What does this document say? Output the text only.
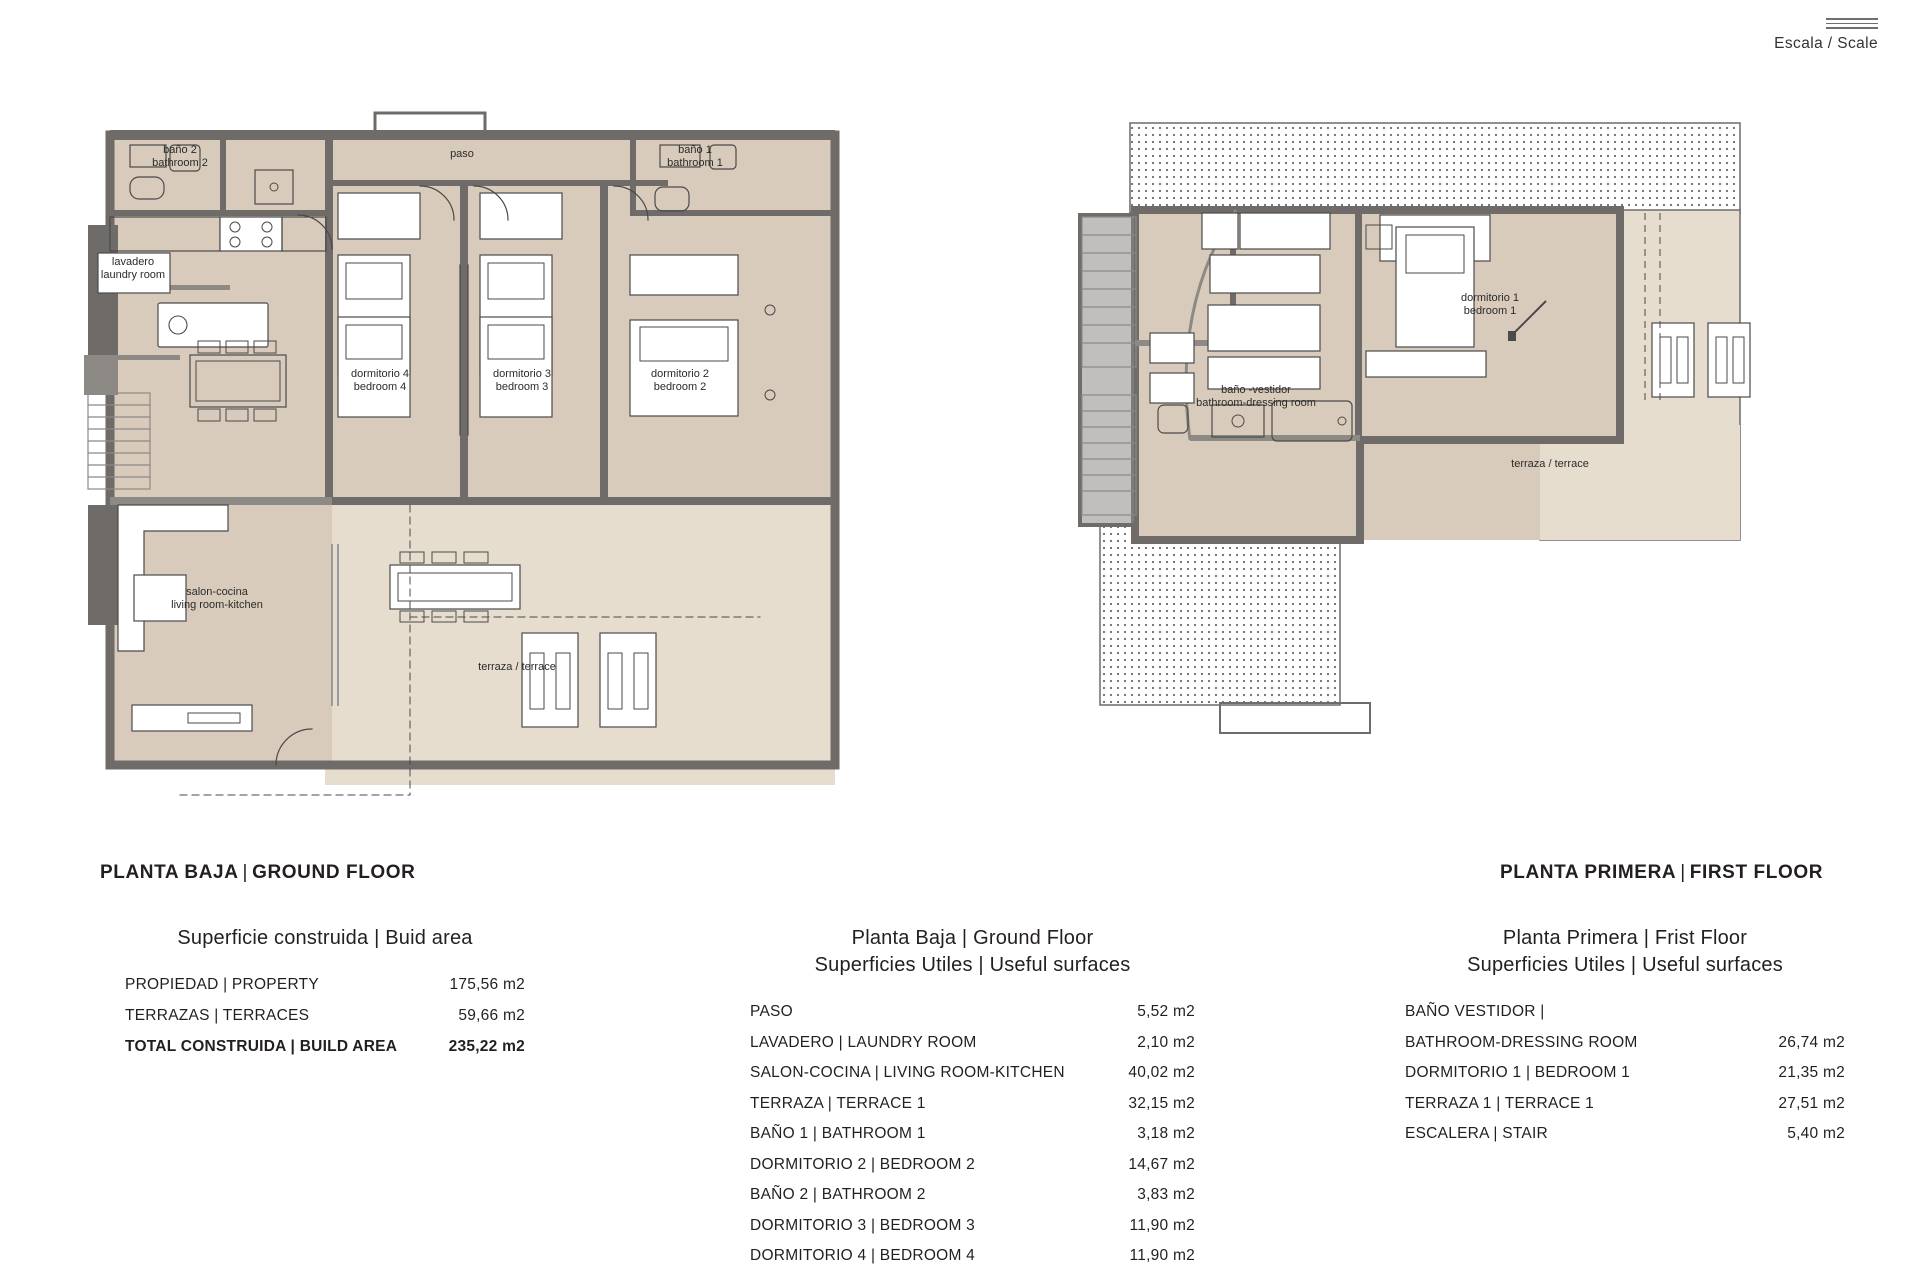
Escala / Scale
baño 2
bathroom 2
paso	baño 1
bathroom 1
lavadero
laundry room
dormitorio 4
bedroom 4
dormitorio 3
bedroom 3
dormitorio 2
bedroom 2
salon-cocina
living room-kitchen
terraza / terrace
dormitorio 1
bedroom 1
baño -vestidor
bathroom-dressing room
terraza / terrace
PLANTA BAJA | GROUND FLOOR	PLANTA PRIMERA | FIRST FLOOR
Superficie construida | Buid area
PROPIEDAD | PROPERTY	175,56 m2
TERRAZAS | TERRACES	59,66 m2
TOTAL CONSTRUIDA | BUILD AREA	235,22 m2
Planta Baja | Ground Floor
Superficies Utiles | Useful surfaces
PASO	5,52 m2
LAVADERO | LAUNDRY ROOM	2,10 m2
SALON-COCINA | LIVING ROOM-KITCHEN	40,02 m2
TERRAZA | TERRACE 1	32,15 m2
BAÑO 1 | BATHROOM 1	3,18 m2
DORMITORIO 2 | BEDROOM 2	14,67 m2
BAÑO 2 | BATHROOM 2	3,83 m2
DORMITORIO 3 | BEDROOM 3	11,90 m2
DORMITORIO 4 | BEDROOM 4	11,90 m2
Planta Primera | Frist Floor
Superficies Utiles | Useful surfaces
BAÑO VESTIDOR |
BATHROOM-DRESSING ROOM	26,74 m2
DORMITORIO 1 | BEDROOM 1	21,35 m2
TERRAZA 1 | TERRACE 1	27,51 m2
ESCALERA | STAIR	5,40 m2
